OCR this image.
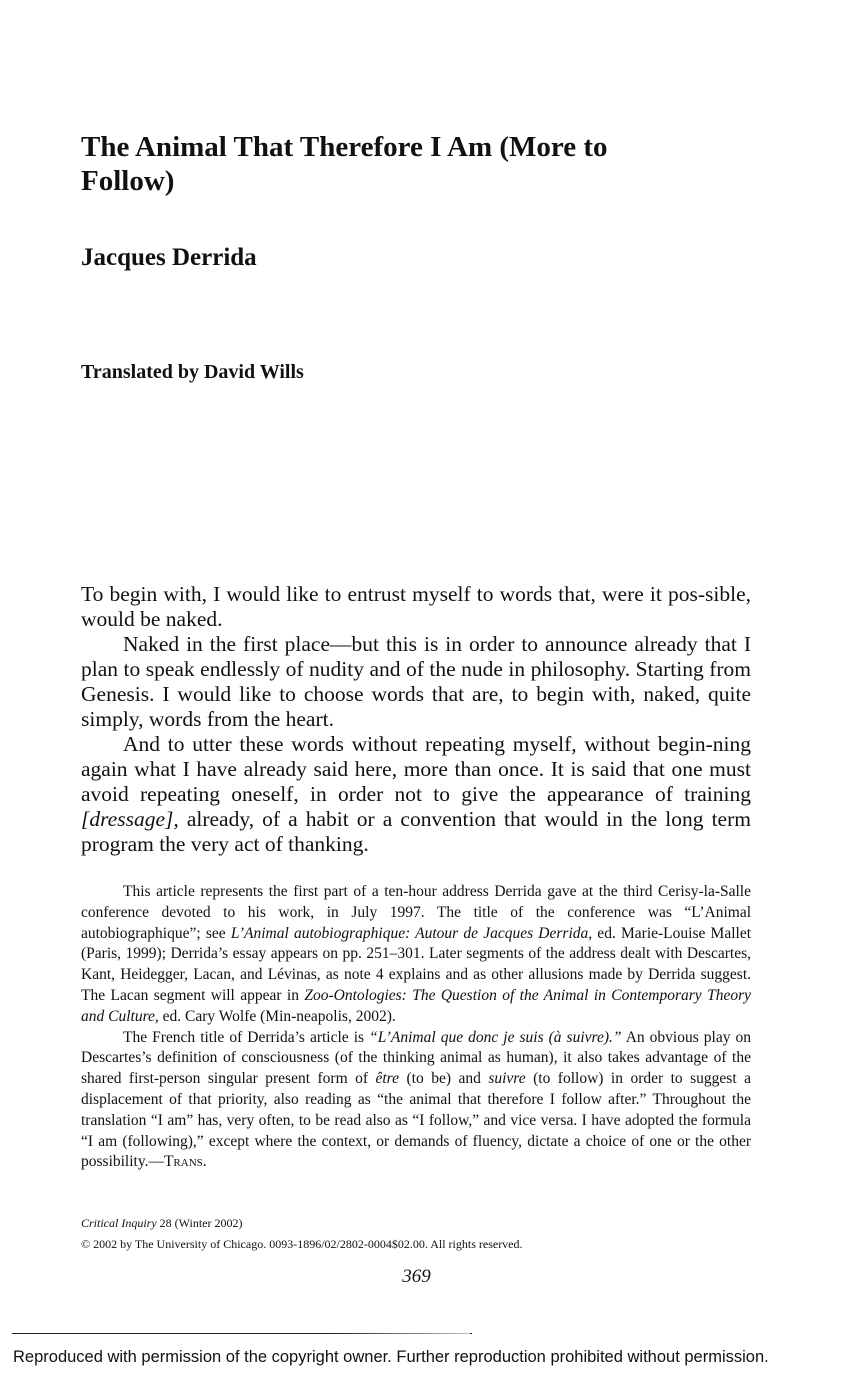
The Animal That Therefore I Am (More to Follow)
Jacques Derrida
Translated by David Wills

To begin with, I would like to entrust myself to words that, were it pos-sible, would be naked.

Naked in the first place—but this is in order to announce already that I plan to speak endlessly of nudity and of the nude in philosophy. Starting from Genesis. I would like to choose words that are, to begin with, naked, quite simply, words from the heart.

And to utter these words without repeating myself, without begin-ning again what I have already said here, more than once. It is said that one must avoid repeating oneself, in order not to give the appearance of training [dressage], already, of a habit or a convention that would in the long term program the very act of thanking.

This article represents the first part of a ten-hour address Derrida gave at the third Cerisy-la-Salle conference devoted to his work, in July 1997. The title of the conference was “L’Animal autobiographique”; see L’Animal autobiographique: Autour de Jacques Derrida, ed. Marie-Louise Mallet (Paris, 1999); Derrida’s essay appears on pp. 251–301. Later segments of the address dealt with Descartes, Kant, Heidegger, Lacan, and Lévinas, as note 4 explains and as other allusions made by Derrida suggest. The Lacan segment will appear in Zoo-Ontologies: The Question of the Animal in Contemporary Theory and Culture, ed. Cary Wolfe (Min-neapolis, 2002).

The French title of Derrida’s article is “L’Animal que donc je suis (à suivre).” An obvious play on Descartes’s definition of consciousness (of the thinking animal as human), it also takes advantage of the shared first-person singular present form of être (to be) and suivre (to follow) in order to suggest a displacement of that priority, also reading as “the animal that therefore I follow after.” Throughout the translation “I am” has, very often, to be read also as “I follow,” and vice versa. I have adopted the formula “I am (following),” except where the context, or demands of fluency, dictate a choice of one or the other possibility.—Trans.

Critical Inquiry 28 (Winter 2002)
© 2002 by The University of Chicago. 0093-1896/02/2802-0004$02.00. All rights reserved.
369
Reproduced with permission of the copyright owner. Further reproduction prohibited without permission.
